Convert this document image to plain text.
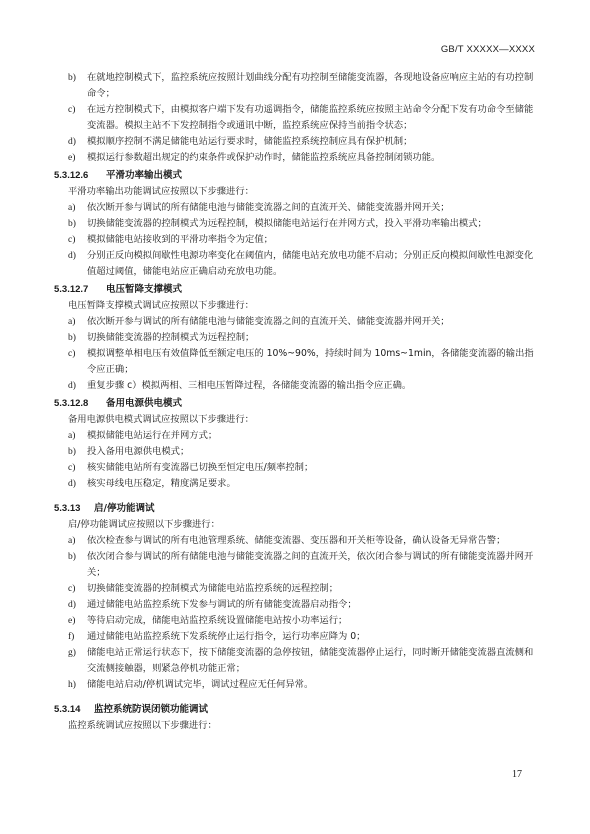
GB/T XXXXX—XXXX
b)	在就地控制模式下，监控系统应按照计划曲线分配有功控制至储能变流器，各现地设备应响应主站的有功控制命令；
c)	在远方控制模式下，由模拟客户端下发有功遥调指令，储能监控系统应按照主站命令分配下发有功命令至储能变流器。模拟主站不下发控制指令或通讯中断，监控系统应保持当前指令状态；
d)	模拟顺序控制不满足储能电站运行要求时，储能监控系统控制应具有保护机制；
e)	模拟运行参数超出规定的约束条件或保护动作时，储能监控系统应具备控制闭锁功能。
5.3.12.6 平滑功率输出模式
平滑功率输出功能调试应按照以下步骤进行：
a)	依次断开参与调试的所有储能电池与储能变流器之间的直流开关、储能变流器并网开关；
b)	切换储能变流器的控制模式为远程控制，模拟储能电站运行在并网方式，投入平滑功率输出模式；
c)	模拟储能电站接收到的平滑功率指令为定值；
d)	分别正反向模拟间歇性电源功率变化在阈值内，储能电站充放电功能不启动；分别正反向模拟间歇性电源变化值超过阈值，储能电站应正确启动充放电功能。
5.3.12.7 电压暂降支撑模式
电压暂降支撑模式调试应按照以下步骤进行：
a)	依次断开参与调试的所有储能电池与储能变流器之间的直流开关、储能变流器并网开关；
b)	切换储能变流器的控制模式为远程控制；
c)	模拟调整单相电压有效值降低至额定电压的 10%~90%，持续时间为 10ms~1min，各储能变流器的输出指令应正确；
d)	重复步骤 c）模拟两相、三相电压暂降过程，各储能变流器的输出指令应正确。
5.3.12.8 备用电源供电模式
备用电源供电模式调试应按照以下步骤进行：
a)	模拟储能电站运行在并网方式；
b)	投入备用电源供电模式；
c)	核实储能电站所有变流器已切换至恒定电压/频率控制；
d)	核实母线电压稳定，精度满足要求。
5.3.13 启/停功能调试
启/停功能调试应按照以下步骤进行：
a)	依次检查参与调试的所有电池管理系统、储能变流器、变压器和开关柜等设备，确认设备无异常告警；
b)	依次闭合参与调试的所有储能电池与储能变流器之间的直流开关，依次闭合参与调试的所有储能变流器并网开关；
c)	切换储能变流器的控制模式为储能电站监控系统的远程控制；
d)	通过储能电站监控系统下发参与调试的所有储能变流器启动指令；
e)	等待启动完成，储能电站监控系统设置储能电站按小功率运行；
f)	通过储能电站监控系统下发系统停止运行指令，运行功率应降为 0；
g)	储能电站正常运行状态下，按下储能变流器的急停按钮，储能变流器停止运行，同时断开储能变流器直流侧和交流侧接触器，则紧急停机功能正常；
h)	储能电站启动/停机调试完毕，调试过程应无任何异常。
5.3.14 监控系统防误闭锁功能调试
监控系统调试应按照以下步骤进行：
17
